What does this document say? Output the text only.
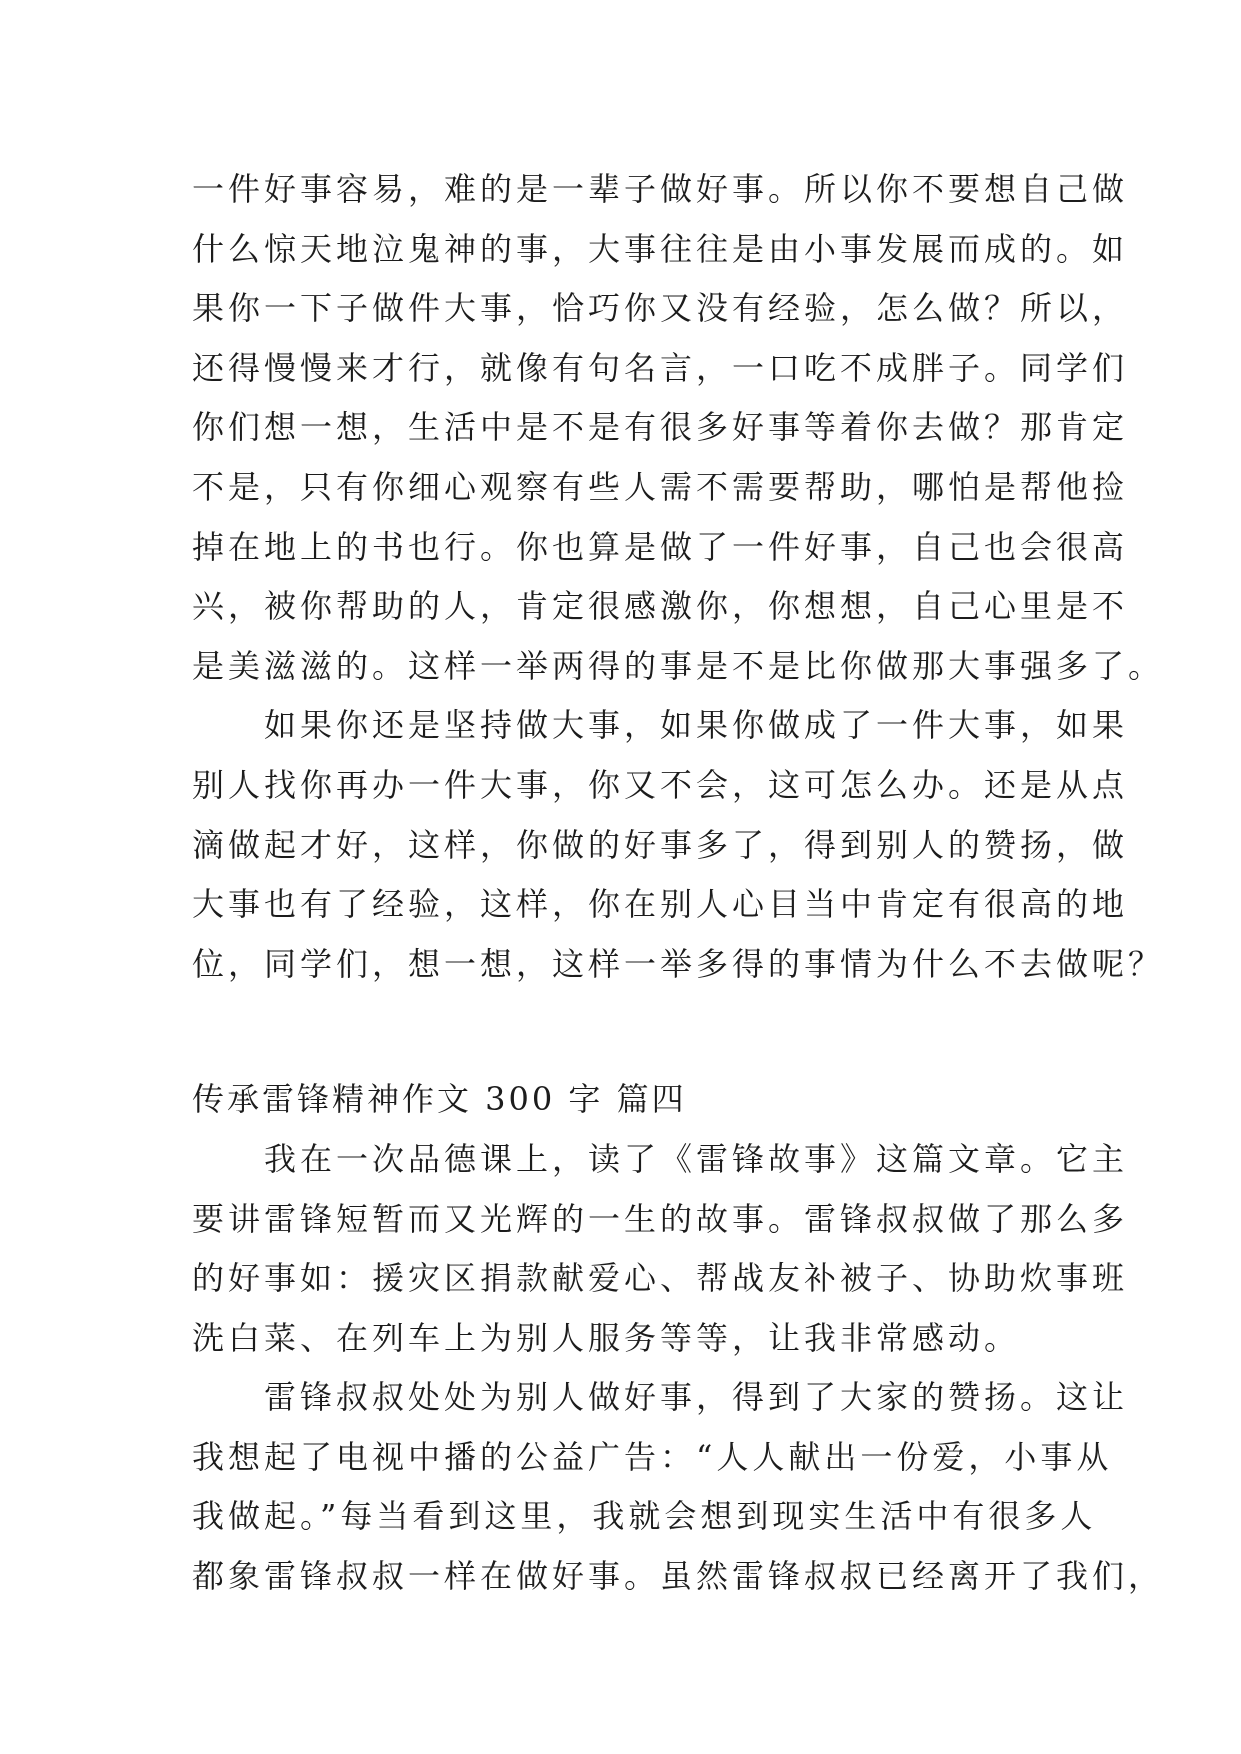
一件好事容易，难的是一辈子做好事。所以你不要想自己做
什么惊天地泣鬼神的事，大事往往是由小事发展而成的。如
果你一下子做件大事，恰巧你又没有经验，怎么做？所以，
还得慢慢来才行，就像有句名言，一口吃不成胖子。同学们
你们想一想，生活中是不是有很多好事等着你去做？那肯定
不是，只有你细心观察有些人需不需要帮助，哪怕是帮他捡
掉在地上的书也行。你也算是做了一件好事，自己也会很高
兴，被你帮助的人，肯定很感激你，你想想，自己心里是不
是美滋滋的。这样一举两得的事是不是比你做那大事强多了。
　　如果你还是坚持做大事，如果你做成了一件大事，如果
别人找你再办一件大事，你又不会，这可怎么办。还是从点
滴做起才好，这样，你做的好事多了，得到别人的赞扬，做
大事也有了经验，这样，你在别人心目当中肯定有很高的地
位，同学们，想一想，这样一举多得的事情为什么不去做呢？
传承雷锋精神作文 300 字 篇四
　　我在一次品德课上，读了《雷锋故事》这篇文章。它主
要讲雷锋短暂而又光辉的一生的故事。雷锋叔叔做了那么多
的好事如：援灾区捐款献爱心、帮战友补被子、协助炊事班
洗白菜、在列车上为别人服务等等，让我非常感动。
　　雷锋叔叔处处为别人做好事，得到了大家的赞扬。这让
我想起了电视中播的公益广告：“人人献出一份爱，小事从
我做起。”每当看到这里，我就会想到现实生活中有很多人
都象雷锋叔叔一样在做好事。虽然雷锋叔叔已经离开了我们，
